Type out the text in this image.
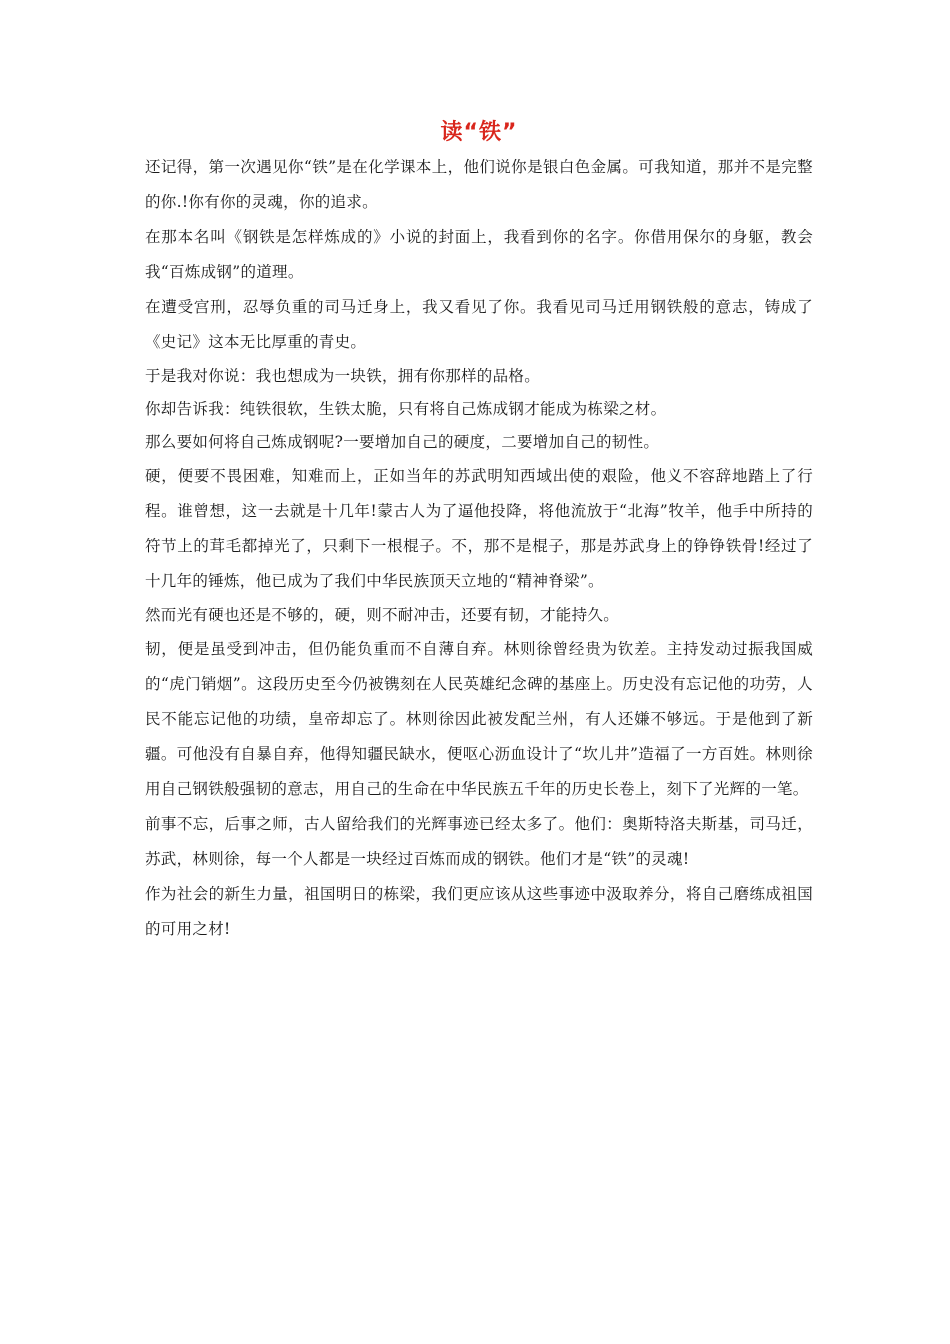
读“铁”

还记得，第一次遇见你“铁”是在化学课本上，他们说你是银白色金属。可我知道，那并不是完整的你.!你有你的灵魂，你的追求。

在那本名叫《钢铁是怎样炼成的》小说的封面上，我看到你的名字。你借用保尔的身躯，教会我“百炼成钢”的道理。

在遭受宫刑，忍辱负重的司马迁身上，我又看见了你。我看见司马迁用钢铁般的意志，铸成了《史记》这本无比厚重的青史。

于是我对你说：我也想成为一块铁，拥有你那样的品格。

你却告诉我：纯铁很软，生铁太脆，只有将自己炼成钢才能成为栋梁之材。

那么要如何将自己炼成钢呢?一要增加自己的硬度，二要增加自己的韧性。

硬，便要不畏困难，知难而上，正如当年的苏武明知西域出使的艰险，他义不容辞地踏上了行程。谁曾想，这一去就是十几年!蒙古人为了逼他投降，将他流放于“北海”牧羊，他手中所持的符节上的茸毛都掉光了，只剩下一根棍子。不，那不是棍子，那是苏武身上的铮铮铁骨!经过了十几年的锤炼，他已成为了我们中华民族顶天立地的“精神脊梁”。

然而光有硬也还是不够的，硬，则不耐冲击，还要有韧，才能持久。

韧，便是虽受到冲击，但仍能负重而不自薄自弃。林则徐曾经贵为钦差。主持发动过振我国威的“虎门销烟”。这段历史至今仍被镌刻在人民英雄纪念碑的基座上。历史没有忘记他的功劳，人民不能忘记他的功绩，皇帝却忘了。林则徐因此被发配兰州，有人还嫌不够远。于是他到了新疆。可他没有自暴自弃，他得知疆民缺水，便呕心沥血设计了“坎儿井”造福了一方百姓。林则徐用自己钢铁般强韧的意志，用自己的生命在中华民族五千年的历史长卷上，刻下了光辉的一笔。

前事不忘，后事之师，古人留给我们的光辉事迹已经太多了。他们：奥斯特洛夫斯基，司马迁，苏武，林则徐，每一个人都是一块经过百炼而成的钢铁。他们才是“铁”的灵魂!

作为社会的新生力量，祖国明日的栋梁，我们更应该从这些事迹中汲取养分，将自己磨练成祖国的可用之材!
